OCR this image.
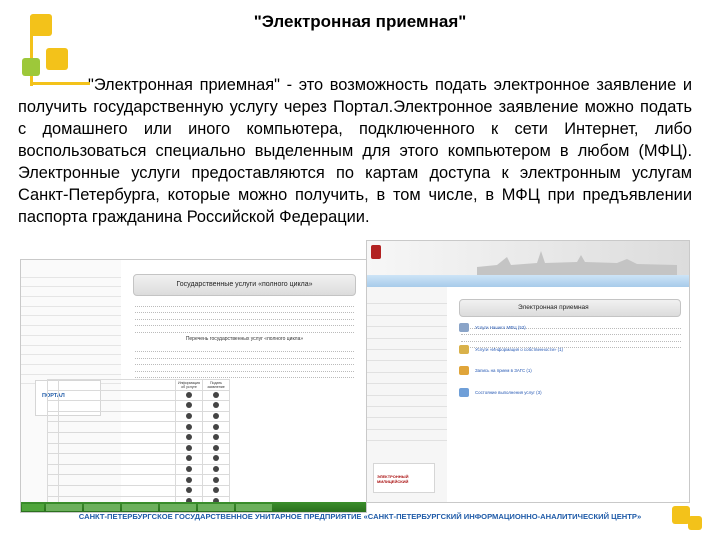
"Электронная приемная"

"Электронная приемная" - это возможность подать электронное заявление и получить государственную услугу через Портал.Электронное заявление можно подать с домашнего или иного компьютера, подключенного к сети Интернет, либо воспользоваться специально выделенным для этого компьютером в любом (МФЦ). Электронные услуги предоставляются по картам доступа к электронным услугам Санкт-Петербурга, которые можно получить, в том числе, в МФЦ при предъявлении паспорта гражданина Российской Федерации.

ПОРТАЛ
Государственные услуги «полного цикла»
Перечень государственных услуг «полного цикла»
		Информация об услуге	Подать заявление

ЭЛЕКТРОННЫЙ МИЛИЦЕЙСКИЙ
Электронная приемная
Услуги Нашего МФЦ (53)
Услуги «Информация о собственности» (1)
Запись на прием в ЗАГС (1)
Состояние выполнения услуг (3)
САНКТ-ПЕТЕРБУРГСКОЕ ГОСУДАРСТВЕННОЕ УНИТАРНОЕ ПРЕДПРИЯТИЕ «САНКТ-ПЕТЕРБУРГСКИЙ ИНФОРМАЦИОННО-АНАЛИТИЧЕСКИЙ ЦЕНТР»
